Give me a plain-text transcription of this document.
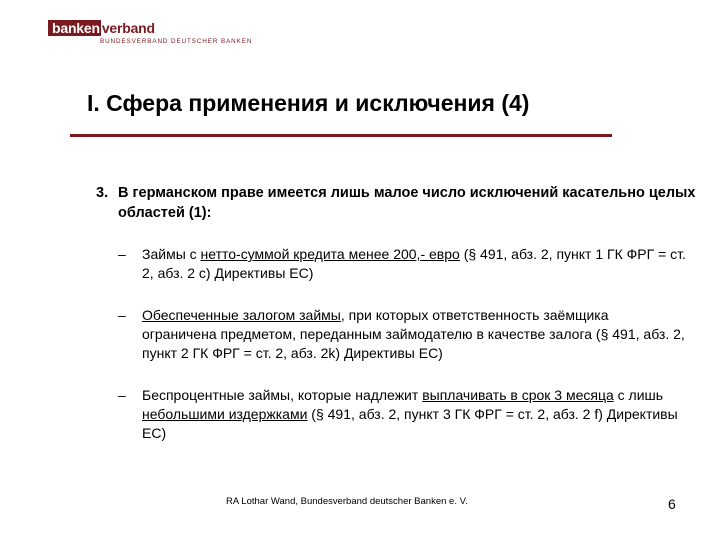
banken verband
BUNDESVERBAND DEUTSCHER BANKEN
I. Сфера применения и исключения (4)
3. В германском праве имеется лишь малое число исключений касательно целых областей (1):
–	Займы с нетто-суммой кредита менее 200,- евро (§ 491, абз. 2, пункт 1 ГК ФРГ = ст. 2, абз. 2 с) Директивы ЕС)
–	Обеспеченные залогом займы, при которых ответственность заёмщика ограничена предметом, переданным займодателю в качестве залога (§ 491, абз. 2, пункт 2 ГК ФРГ = ст. 2, абз. 2k) Директивы ЕС)
–	Беспроцентные займы, которые надлежит выплачивать в срок 3 месяца с лишь небольшими издержками (§ 491, абз. 2, пункт 3 ГК ФРГ = ст. 2, абз. 2 f) Директивы ЕС)
RA Lothar Wand, Bundesverband deutscher Banken e. V.	6
